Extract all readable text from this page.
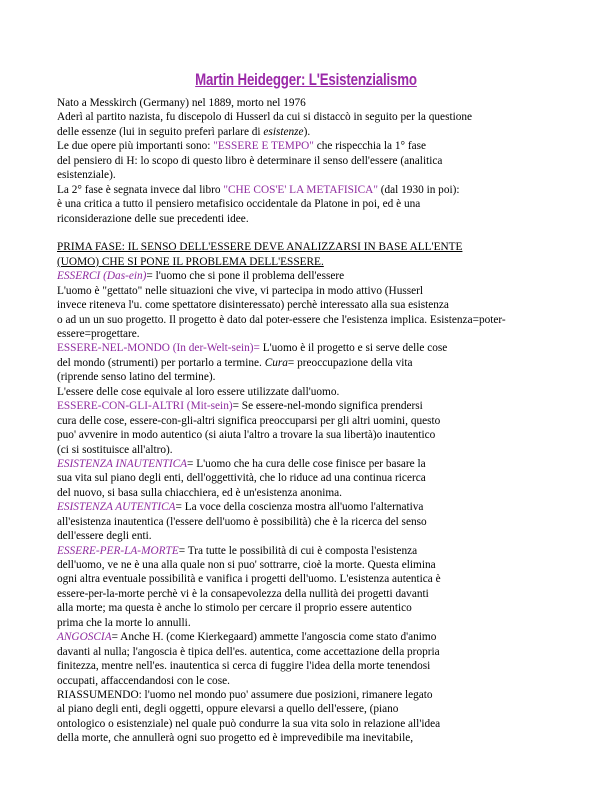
Martin Heidegger: L'Esistenzialismo
Nato a Messkirch (Germany) nel 1889, morto nel 1976
Aderì al partito nazista, fu discepolo di Husserl da cui si distaccò in seguito per la questione
delle essenze (lui in seguito preferì parlare di esistenze).
Le due opere più importanti sono: "ESSERE E TEMPO" che rispecchia la 1° fase
del pensiero di H: lo scopo di questo libro è determinare il senso dell'essere (analitica
esistenziale).
La 2° fase è segnata invece dal libro "CHE COS'E' LA METAFISICA" (dal 1930 in poi):
è una critica a tutto il pensiero metafisico occidentale da Platone in poi, ed è una
riconsiderazione delle sue precedenti idee.
PRIMA FASE: IL SENSO DELL'ESSERE DEVE ANALIZZARSI IN BASE ALL'ENTE
(UOMO) CHE SI PONE IL PROBLEMA DELL'ESSERE.
ESSERCI (Das-ein)= l'uomo che si pone il problema dell'essere
L'uomo è "gettato" nelle situazioni che vive, vi partecipa in modo attivo (Husserl
invece riteneva l'u. come spettatore disinteressato) perchè interessato alla sua esistenza
o ad un un suo progetto. Il progetto è dato dal poter-essere che l'esistenza implica. Esistenza=poter-
essere=progettare.
ESSERE-NEL-MONDO (In der-Welt-sein)= L'uomo è il progetto e si serve delle cose
del mondo (strumenti) per portarlo a termine. Cura= preoccupazione della vita
(riprende senso latino del termine).
L'essere delle cose equivale al loro essere utilizzate dall'uomo.
ESSERE-CON-GLI-ALTRI (Mit-sein)= Se essere-nel-mondo significa prendersi
cura delle cose, essere-con-gli-altri significa preoccuparsi per gli altri uomini, questo
puo' avvenire in modo autentico (si aiuta l'altro a trovare la sua libertà)o inautentico
(ci si sostituisce all'altro).
ESISTENZA INAUTENTICA= L'uomo che ha cura delle cose finisce per basare la
sua vita sul piano degli enti, dell'oggettività, che lo riduce ad una continua ricerca
del nuovo, si basa sulla chiacchiera, ed è un'esistenza anonima.
ESISTENZA AUTENTICA= La voce della coscienza mostra all'uomo l'alternativa
all'esistenza inautentica (l'essere dell'uomo è possibilità) che è la ricerca del senso
dell'essere degli enti.
ESSERE-PER-LA-MORTE= Tra tutte le possibilità di cui è composta l'esistenza
dell'uomo, ve ne è una alla quale non si puo' sottrarre, cioè la morte. Questa elimina
ogni altra eventuale possibilità e vanifica i progetti dell'uomo. L'esistenza autentica è
essere-per-la-morte perchè vi è la consapevolezza della nullità dei progetti davanti
alla morte; ma questa è anche lo stimolo per cercare il proprio essere autentico
prima che la morte lo annulli.
ANGOSCIA= Anche H. (come Kierkegaard) ammette l'angoscia come stato d'animo
davanti al nulla; l'angoscia è tipica dell'es. autentica, come accettazione della propria
finitezza, mentre nell'es. inautentica si cerca di fuggire l'idea della morte tenendosi
occupati, affaccendandosi con le cose.
RIASSUMENDO: l'uomo nel mondo puo' assumere due posizioni, rimanere legato
al piano degli enti, degli oggetti, oppure elevarsi a quello dell'essere, (piano
ontologico o esistenziale) nel quale può condurre la sua vita solo in relazione all'idea
della morte, che annullerà ogni suo progetto ed è imprevedibile ma inevitabile,
